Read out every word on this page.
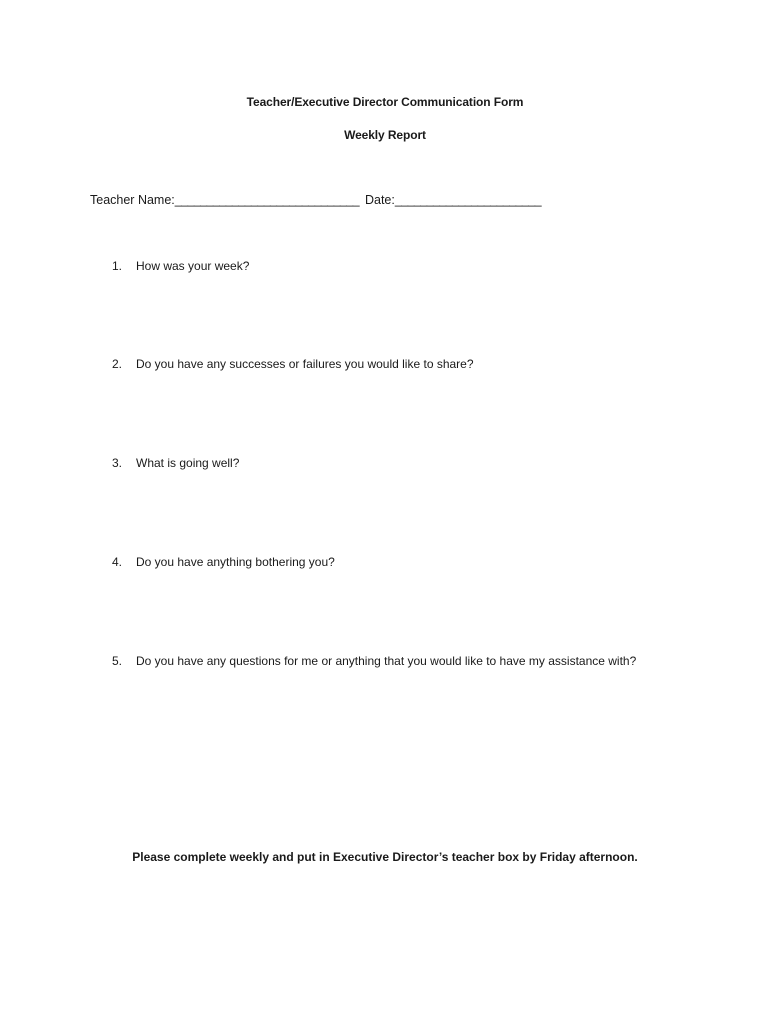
Teacher/Executive Director Communication Form
Weekly Report
Teacher Name:_____________________________ Date:_______________________
1. How was your week?
2. Do you have any successes or failures you would like to share?
3. What is going well?
4. Do you have anything bothering you?
5. Do you have any questions for me or anything that you would like to have my assistance with?
Please complete weekly and put in Executive Director’s teacher box by Friday afternoon.
